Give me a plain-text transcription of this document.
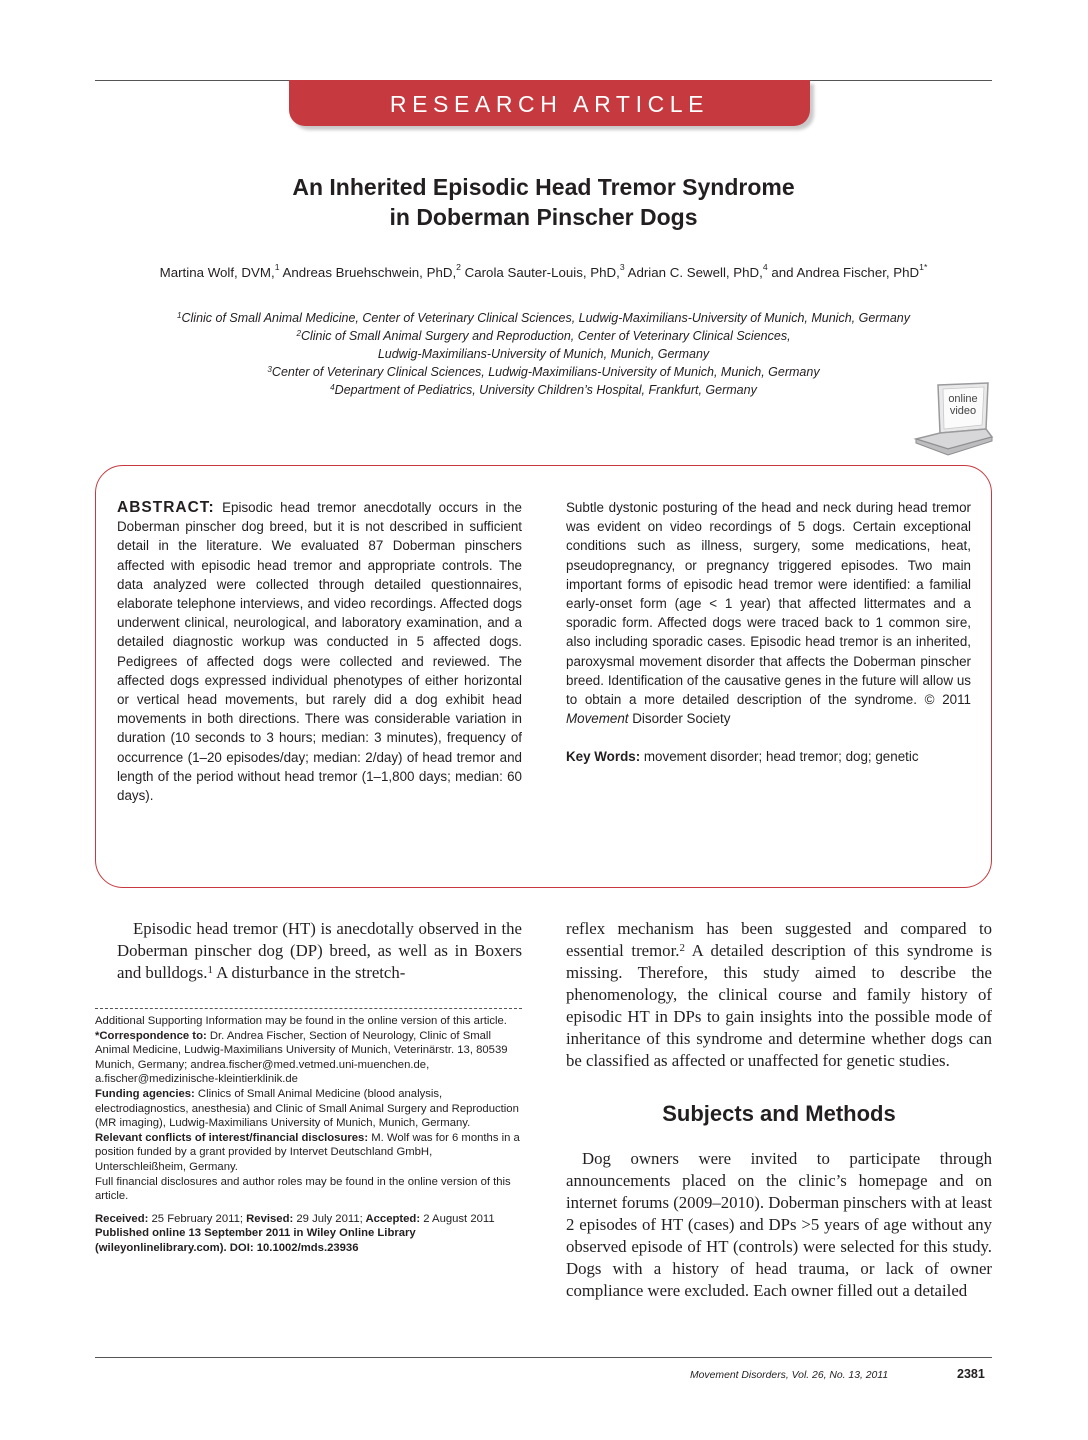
RESEARCH ARTICLE
An Inherited Episodic Head Tremor Syndrome
in Doberman Pinscher Dogs
Martina Wolf, DVM,$^1$ Andreas Bruehschwein, PhD,$^2$ Carola Sauter-Louis, PhD,$^3$ Adrian C. Sewell, PhD,$^4$ and Andrea Fischer, PhD$^{1*}$
$^1$Clinic of Small Animal Medicine, Center of Veterinary Clinical Sciences, Ludwig-Maximilians-University of Munich, Munich, Germany
$^2$Clinic of Small Animal Surgery and Reproduction, Center of Veterinary Clinical Sciences,
Ludwig-Maximilians-University of Munich, Munich, Germany
$^3$Center of Veterinary Clinical Sciences, Ludwig-Maximilians-University of Munich, Munich, Germany
$^4$Department of Pediatrics, University Children’s Hospital, Frankfurt, Germany
online
video
ABSTRACT: Episodic head tremor anecdotally occurs in the Doberman pinscher dog breed, but it is not described in sufficient detail in the literature. We evaluated 87 Doberman pinschers affected with episodic head tremor and appropriate controls. The data analyzed were collected through detailed questionnaires, elaborate telephone interviews, and video recordings. Affected dogs underwent clinical, neurological, and laboratory examination, and a detailed diagnostic workup was conducted in 5 affected dogs. Pedigrees of affected dogs were collected and reviewed. The affected dogs expressed individual phenotypes of either horizontal or vertical head movements, but rarely did a dog exhibit head movements in both directions. There was considerable variation in duration (10 seconds to 3 hours; median: 3 minutes), frequency of occurrence (1–20 episodes/day; median: 2/day) of head tremor and length of the period without head tremor (1–1,800 days; median: 60 days).
Subtle dystonic posturing of the head and neck during head tremor was evident on video recordings of 5 dogs. Certain exceptional conditions such as illness, surgery, some medications, heat, pseudopregnancy, or pregnancy triggered episodes. Two main important forms of episodic head tremor were identified: a familial early-onset form (age < 1 year) that affected littermates and a sporadic form. Affected dogs were traced back to 1 common sire, also including sporadic cases. Episodic head tremor is an inherited, paroxysmal movement disorder that affects the Doberman pinscher breed. Identification of the causative genes in the future will allow us to obtain a more detailed description of the syndrome. © 2011 Movement Disorder Society
Key Words: movement disorder; head tremor; dog; genetic
Episodic head tremor (HT) is anecdotally observed in the Doberman pinscher dog (DP) breed, as well as in Boxers and bulldogs.$^1$ A disturbance in the stretch-
reflex mechanism has been suggested and compared to essential tremor.$^2$ A detailed description of this syndrome is missing. Therefore, this study aimed to describe the phenomenology, the clinical course and family history of episodic HT in DPs to gain insights into the possible mode of inheritance of this syndrome and determine whether dogs can be classified as affected or unaffected for genetic studies.
Subjects and Methods
Dog owners were invited to participate through announcements placed on the clinic’s homepage and on internet forums (2009–2010). Doberman pinschers with at least 2 episodes of HT (cases) and DPs >5 years of age without any observed episode of HT (controls) were selected for this study. Dogs with a history of head trauma, or lack of owner compliance were excluded. Each owner filled out a detailed

Additional Supporting Information may be found in the online version of this article.

*Correspondence to: Dr. Andrea Fischer, Section of Neurology, Clinic of Small Animal Medicine, Ludwig-Maximilians University of Munich, Veterinärstr. 13, 80539 Munich, Germany; andrea.fischer@med.vetmed.uni-muenchen.de, a.fischer@medizinische-kleintierklinik.de

Funding agencies: Clinics of Small Animal Medicine (blood analysis, electrodiagnostics, anesthesia) and Clinic of Small Animal Surgery and Reproduction (MR imaging), Ludwig-Maximilians University of Munich, Munich, Germany.

Relevant conflicts of interest/financial disclosures: M. Wolf was for 6 months in a position funded by a grant provided by Intervet Deutschland GmbH, Unterschleißheim, Germany.

Full financial disclosures and author roles may be found in the online version of this article.

Received: 25 February 2011; Revised: 29 July 2011; Accepted: 2 August 2011

Published online 13 September 2011 in Wiley Online Library (wileyonlinelibrary.com). DOI: 10.1002/mds.23936

Movement Disorders, Vol. 26, No. 13, 2011	2381
